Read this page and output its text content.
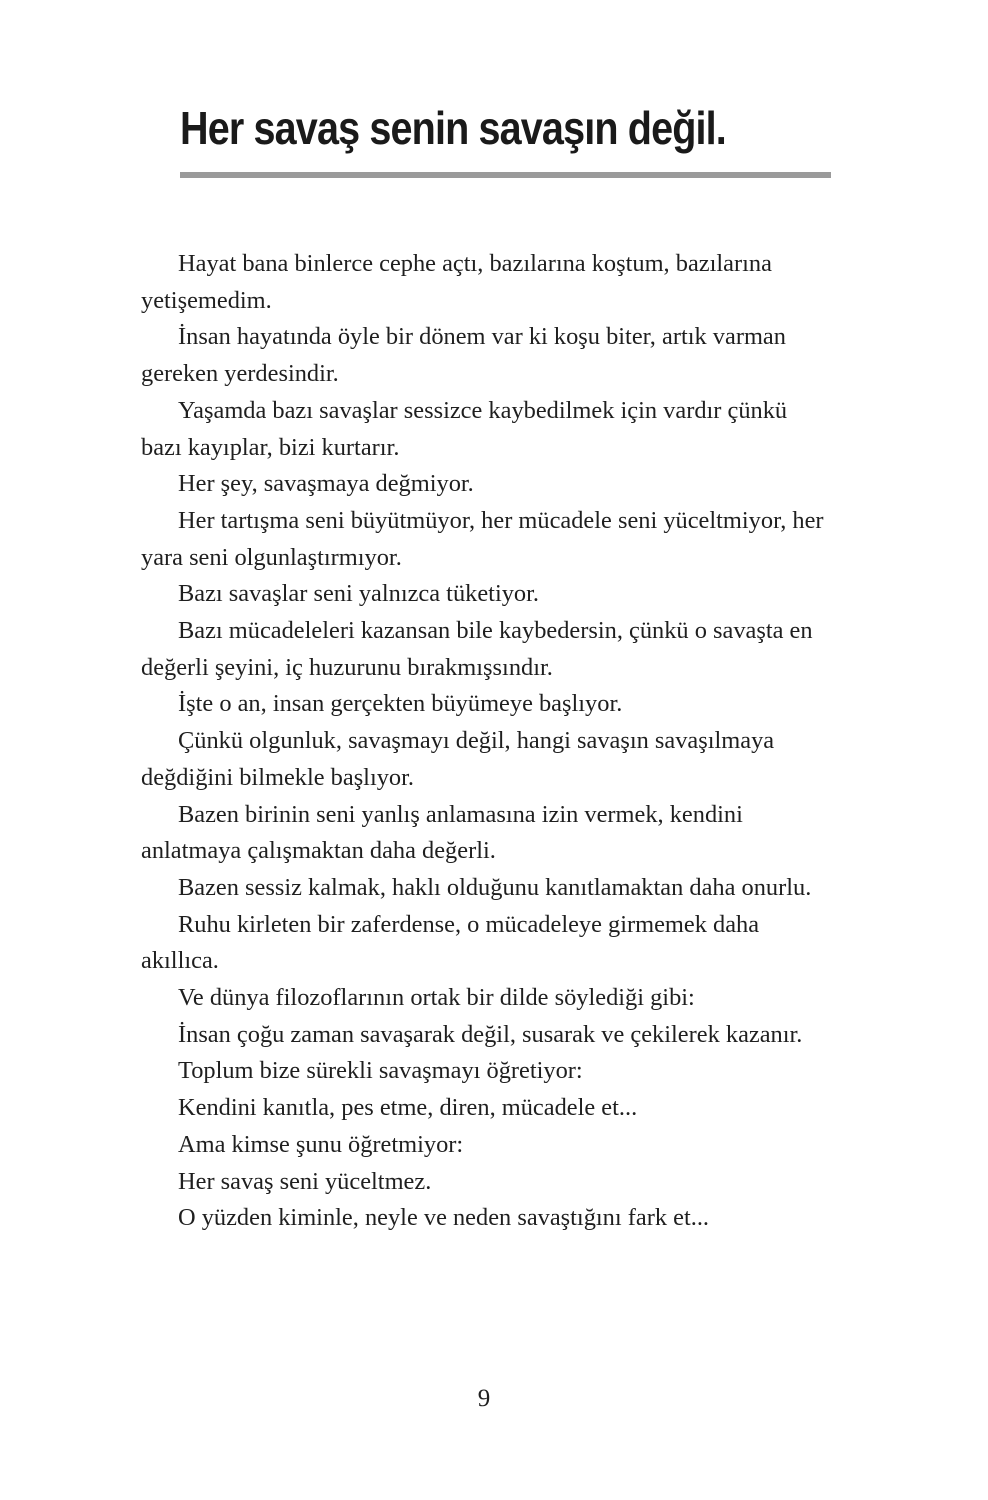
Her savaş senin savaşın değil.

Hayat bana binlerce cephe açtı, bazılarına koştum, bazılarına yetişemedim.

İnsan hayatında öyle bir dönem var ki koşu biter, artık varman gereken yerdesindir.

Yaşamda bazı savaşlar sessizce kaybedilmek için vardır çünkü bazı kayıplar, bizi kurtarır.

Her şey, savaşmaya değmiyor.

Her tartışma seni büyütmüyor, her mücadele seni yüceltmiyor, her yara seni olgunlaştırmıyor.

Bazı savaşlar seni yalnızca tüketiyor.

Bazı mücadeleleri kazansan bile kaybedersin, çünkü o savaşta en değerli şeyini, iç huzurunu bırakmışsındır.

İşte o an, insan gerçekten büyümeye başlıyor.

Çünkü olgunluk, savaşmayı değil, hangi savaşın savaşılmaya değdiğini bilmekle başlıyor.

Bazen birinin seni yanlış anlamasına izin vermek, kendini anlatmaya çalışmaktan daha değerli.

Bazen sessiz kalmak, haklı olduğunu kanıtlamaktan daha onurlu.

Ruhu kirleten bir zaferdense, o mücadeleye girmemek daha akıllıca.

Ve dünya filozoflarının ortak bir dilde söylediği gibi:

İnsan çoğu zaman savaşarak değil, susarak ve çekilerek kazanır.

Toplum bize sürekli savaşmayı öğretiyor:

Kendini kanıtla, pes etme, diren, mücadele et...

Ama kimse şunu öğretmiyor:

Her savaş seni yüceltmez.

O yüzden kiminle, neyle ve neden savaştığını fark et...

9
